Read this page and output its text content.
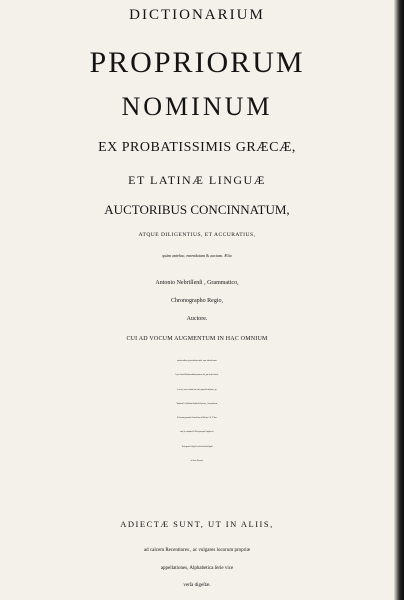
DICTIONARIUM
PROPRIORUM
NOMINUM
EX PROBATISSIMIS GRÆCÆ,
ET LATINÆ LINGUÆ
AUCTORIBUS CONCINNATUM,
ATQUE DILIGENTIUS, ET ACCURATIUS,
quàm antehac, emendatum & auctum. Ælio
Antonio Nebriſſenſi , Grammatico,
Chronographo Regio,
Auctore.
CUI AD VOCUM AUGMENTUM IN HAC OMNIUM
poſtrema editione (præter dictiones ſtudio , atque induſtria Joannis
Lopez Serrani Malacitani additas) innumeræ aliæ, quæ ab ipſo Antonio,
ſi viveret, erant excudendæ, hac nota §. præpoſita adijciuntur , per
Magiſtrum D. Guilielmum Ocahaſa Presbyterum , Civem patricium,
& Vicarium perpetuum Clonmelienſem in Hibernia, S. R, E. Nota-
rium, & ex antiquiori D. Hieronymi apud Compluten ſes
Theologorum Collegio Eccleſiæ Parochialis Oppidi
de Ornos, Rectorem.
ADIECTÆ SUNT, UT IN ALIIS,
ad calcem Recentiores , ac vulgares locorum propriæ
appellationes, Alphabetica ſerie vice
verſa digeſtæ.
